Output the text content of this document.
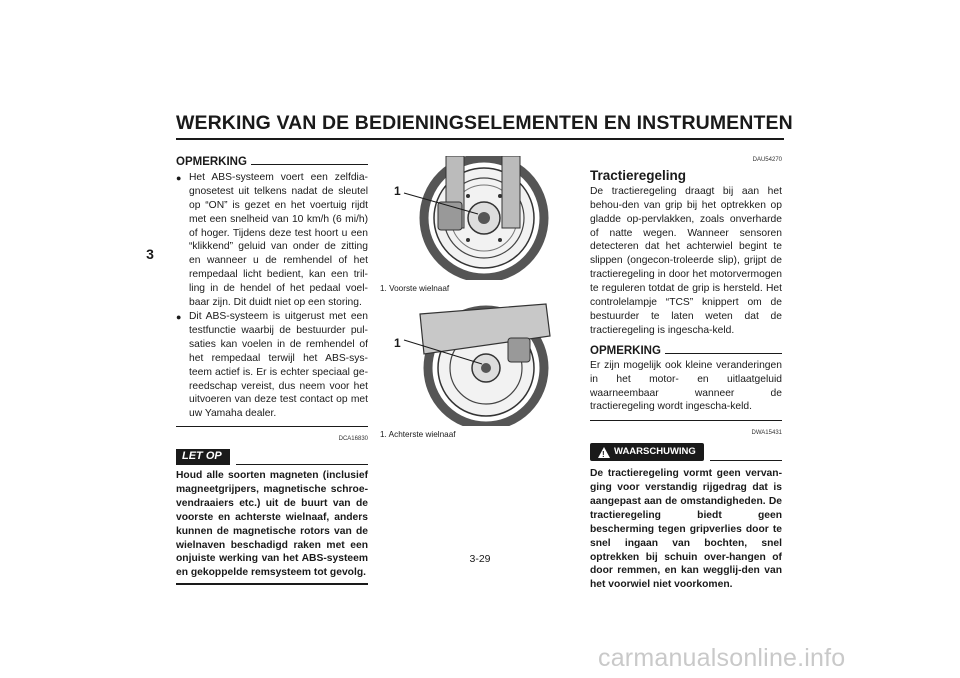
WERKING VAN DE BEDIENINGSELEMENTEN EN INSTRUMENTEN
3
OPMERKING
● Het ABS-systeem voert een zelfdia-gnosetest uit telkens nadat de sleutel op “ON” is gezet en het voertuig rijdt met een snelheid van 10 km/h (6 mi/h) of hoger. Tijdens deze test hoort u een “klikkend” geluid van onder de zitting en wanneer u de remhendel of het rempedaal licht bedient, kan een tril-ling in de hendel of het pedaal voel-baar zijn. Dit duidt niet op een storing.
● Dit ABS-systeem is uitgerust met een testfunctie waarbij de bestuurder pul-saties kan voelen in de remhendel of het rempedaal terwijl het ABS-sys-teem actief is. Er is echter speciaal ge-reedschap vereist, dus neem voor het uitvoeren van deze test contact op met uw Yamaha dealer.
DCA16830
LET OP
Houd alle soorten magneten (inclusief magneetgrijpers, magnetische schroe-vendraaiers etc.) uit de buurt van de voorste en achterste wielnaaf, anders kunnen de magnetische rotors van de wielnaven beschadigd raken met een onjuiste werking van het ABS-systeem en gekoppelde remsysteem tot gevolg.
1
1. Voorste wielnaaf
1
1. Achterste wielnaaf
DAU54270
Tractieregeling
De tractieregeling draagt bij aan het behou-den van grip bij het optrekken op gladde op-pervlakken, zoals onverharde of natte wegen. Wanneer sensoren detecteren dat het achterwiel begint te slippen (ongecon-troleerde slip), grijpt de tractieregeling in door het motorvermogen te reguleren totdat de grip is hersteld. Het controlelampje “TCS” knippert om de bestuurder te laten weten dat de tractieregeling is ingescha-keld.
OPMERKING
Er zijn mogelijk ook kleine veranderingen in het motor- en uitlaatgeluid waarneembaar wanneer de tractieregeling wordt ingescha-keld.
DWA15431
!
WAARSCHUWING
De tractieregeling vormt geen vervan-ging voor verstandig rijgedrag dat is aangepast aan de omstandigheden. De tractieregeling biedt geen bescherming tegen gripverlies door te snel ingaan van bochten, snel optrekken bij schuin over-hangen of door remmen, en kan wegglij-den van het voorwiel niet voorkomen.
3-29
carmanualsonline.info
